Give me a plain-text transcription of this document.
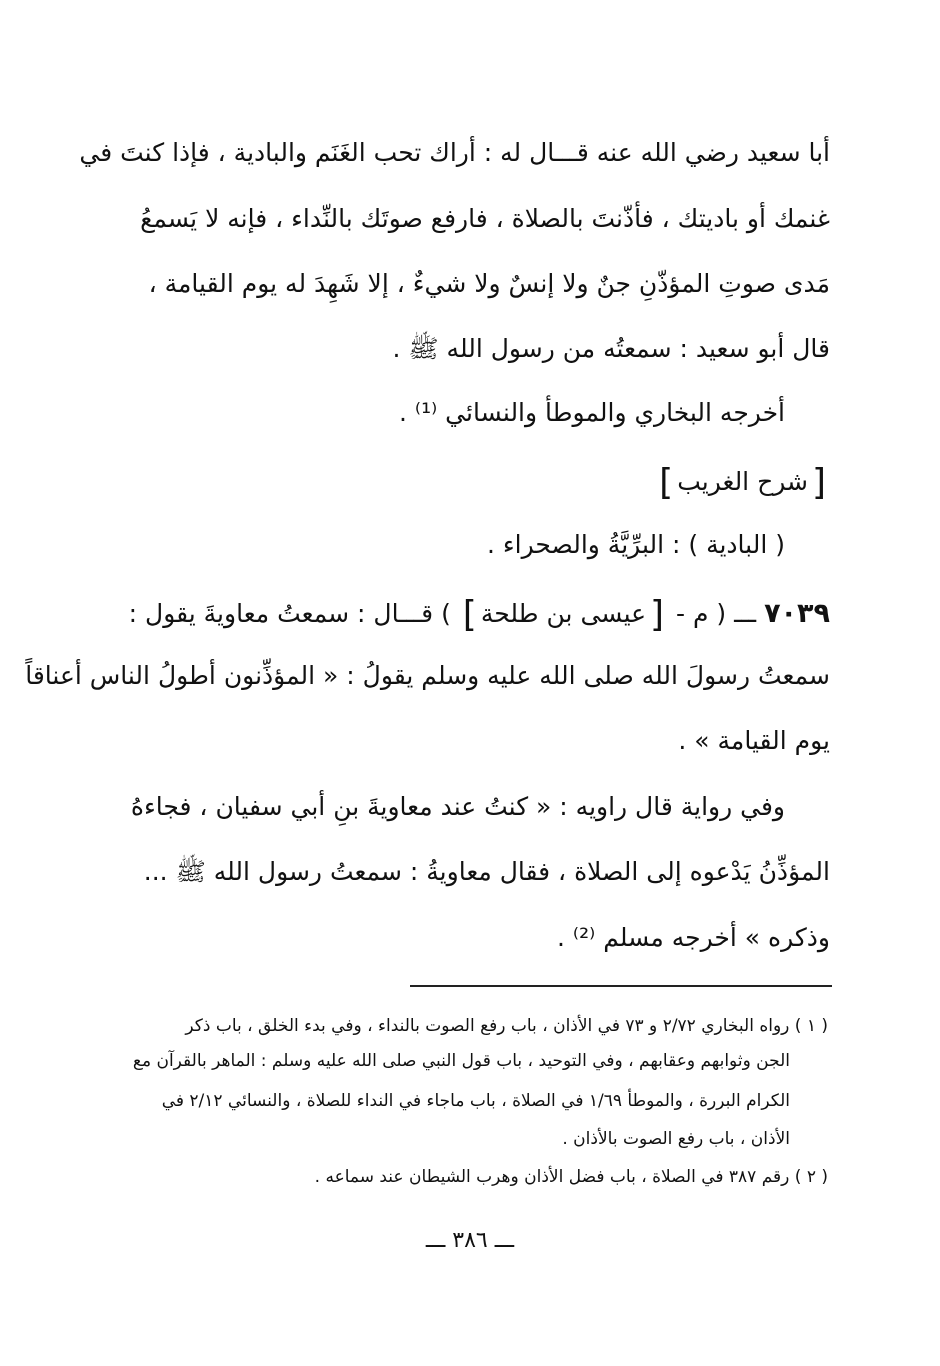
أبا سعيد رضي الله عنه قـــال له : أراك تحب الغَنَم والبادية ، فإذا كنتَ في
غنمك أو باديتك ، فأذّنتَ بالصلاة ، فارفع صوتَك بالنِّداء ، فإنه لا يَسمعُ
مَدى صوتِ المؤذّنِ جنٌ ولا إنسٌ ولا شيءٌ ، إلا شَهِدَ له يوم القيامة ،
قال أبو سعيد : سمعتُه من رسول الله ﷺ .
أخرجه البخاري والموطأ والنسائي ⁽¹⁾ .
[شرح الغريب]
( البادية ) : البرِّيَّةُ والصحراء .
٧٠٣٩ ـــ ( م - [عيسى بن طلحة] ) قـــال : سمعتُ معاويةَ يقول :
سمعتُ رسولَ الله صلى الله عليه وسلم يقولُ : « المؤذِّنون أطولُ الناس أعناقاً
يوم القيامة » .
وفي رواية قال راويه : « كنتُ عند معاويةَ بنِ أبي سفيان ، فجاءهُ
المؤذِّنُ يَدْعوه إلى الصلاة ، فقال معاويةُ : سمعتُ رسول الله ﷺ ...
وذكره » أخرجه مسلم ⁽²⁾ .
( ١ ) رواه البخاري ٢/٧٢ و ٧٣ في الأذان ، باب رفع الصوت بالنداء ، وفي بدء الخلق ، باب ذكر
الجن وثوابهم وعقابهم ، وفي التوحيد ، باب قول النبي صلى الله عليه وسلم : الماهر بالقرآن مع
الكرام البررة ، والموطأ ١/٦٩ في الصلاة ، باب ماجاء في النداء للصلاة ، والنسائي ٢/١٢ في
الأذان ، باب رفع الصوت بالأذان .
( ٢ ) رقم ٣٨٧ في الصلاة ، باب فضل الأذان وهرب الشيطان عند سماعه .
ـــ ٣٨٦ ـــ
